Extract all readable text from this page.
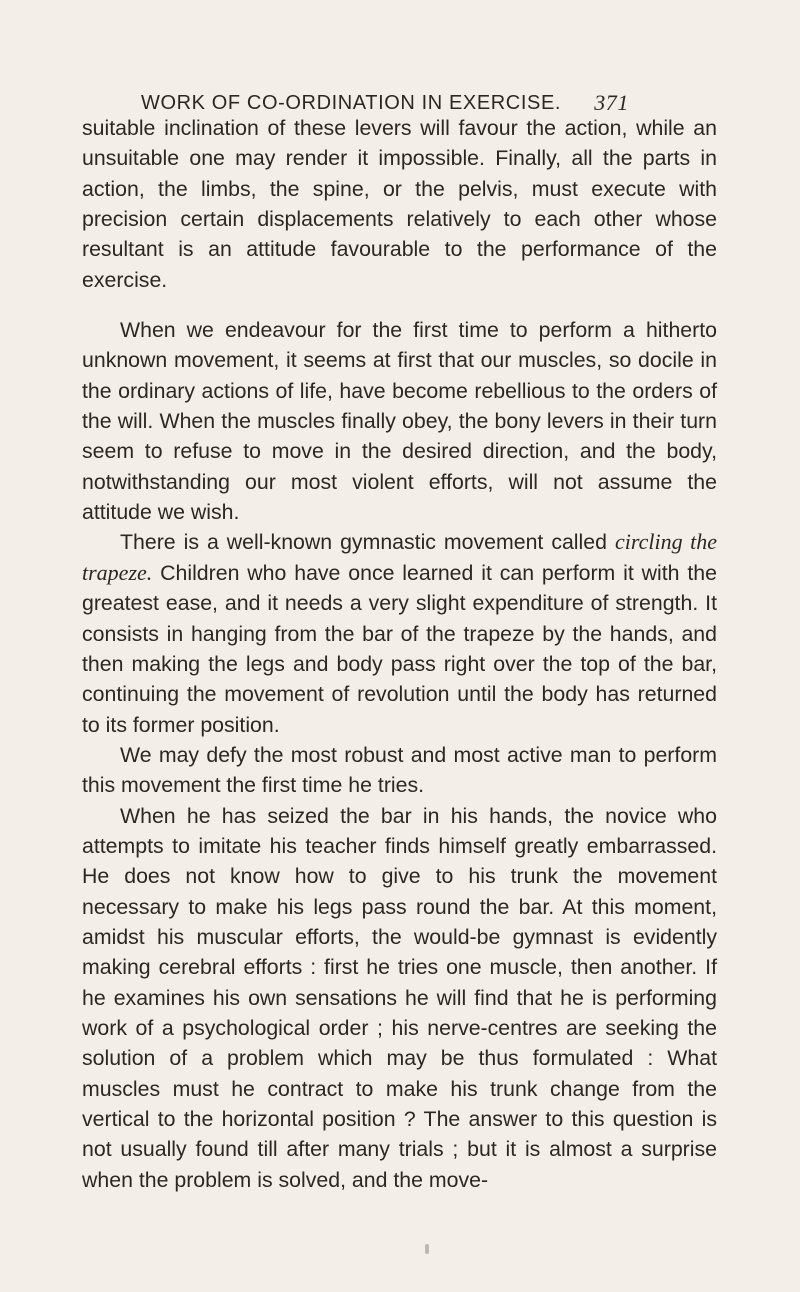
WORK OF CO-ORDINATION IN EXERCISE. 371

suitable inclination of these levers will favour the action, while an unsuitable one may render it impossible. Finally, all the parts in action, the limbs, the spine, or the pelvis, must execute with precision certain displacements relatively to each other whose resultant is an attitude favourable to the performance of the exercise.

When we endeavour for the first time to perform a hitherto unknown movement, it seems at first that our muscles, so docile in the ordinary actions of life, have become rebellious to the orders of the will. When the muscles finally obey, the bony levers in their turn seem to refuse to move in the desired direction, and the body, notwithstanding our most violent efforts, will not assume the attitude we wish.

There is a well-known gymnastic movement called circling the trapeze. Children who have once learned it can perform it with the greatest ease, and it needs a very slight expenditure of strength. It consists in hanging from the bar of the trapeze by the hands, and then making the legs and body pass right over the top of the bar, continuing the movement of revolution until the body has returned to its former position.

We may defy the most robust and most active man to perform this movement the first time he tries.

When he has seized the bar in his hands, the novice who attempts to imitate his teacher finds himself greatly embarrassed. He does not know how to give to his trunk the movement necessary to make his legs pass round the bar. At this moment, amidst his muscular efforts, the would-be gymnast is evidently making cerebral efforts : first he tries one muscle, then another. If he examines his own sensations he will find that he is performing work of a psychological order ; his nerve-centres are seeking the solution of a problem which may be thus formulated : What muscles must he contract to make his trunk change from the vertical to the horizontal position ? The answer to this question is not usually found till after many trials ; but it is almost a surprise when the problem is solved, and the move-
